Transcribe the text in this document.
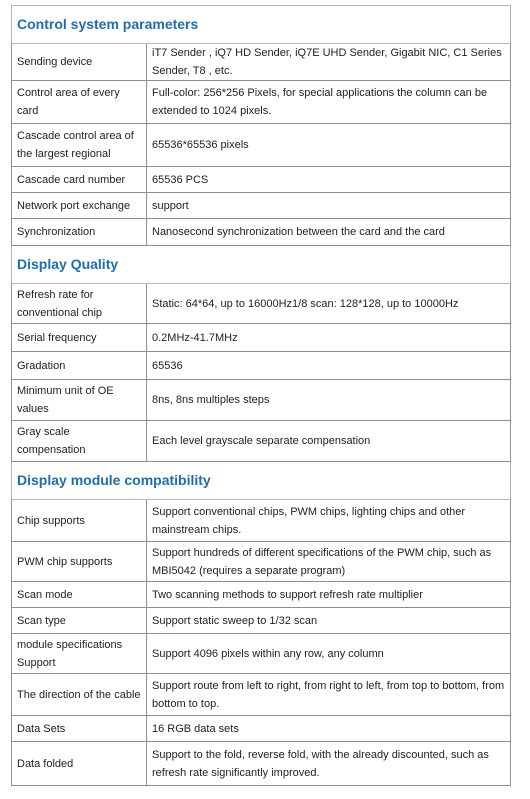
Control system parameters	
Sending device	iT7 Sender , iQ7 HD Sender, iQ7E UHD Sender, Gigabit NIC, C1 Series Sender, T8 , etc.
Control area of every card	Full-color: 256*256 Pixels, for special applications the column can be extended to 1024 pixels.
Cascade control area of the largest regional	65536*65536 pixels
Cascade card number	65536 PCS
Network port exchange	support
Synchronization	Nanosecond synchronization between the card and the card
Display Quality	
Refresh rate for conventional chip	Static: 64*64, up to 16000Hz1/8 scan: 128*128, up to 10000Hz
Serial frequency	0.2MHz-41.7MHz
Gradation	65536
Minimum unit of OE values	8ns, 8ns multiples steps
Gray scale compensation	Each level grayscale separate compensation
Display module compatibility	
Chip supports	Support conventional chips, PWM chips, lighting chips and other mainstream chips.
PWM chip supports	Support hundreds of different specifications of the PWM chip, such as MBI5042 (requires a separate program)
Scan mode	Two scanning methods to support refresh rate multiplier
Scan type	Support static sweep to 1/32 scan
module specifications Support	Support 4096 pixels within any row, any column
The direction of the cable	Support route from left to right, from right to left, from top to bottom, from bottom to top.
Data Sets	16 RGB data sets
Data folded	Support to the fold, reverse fold, with the already discounted, such as refresh rate significantly improved.
